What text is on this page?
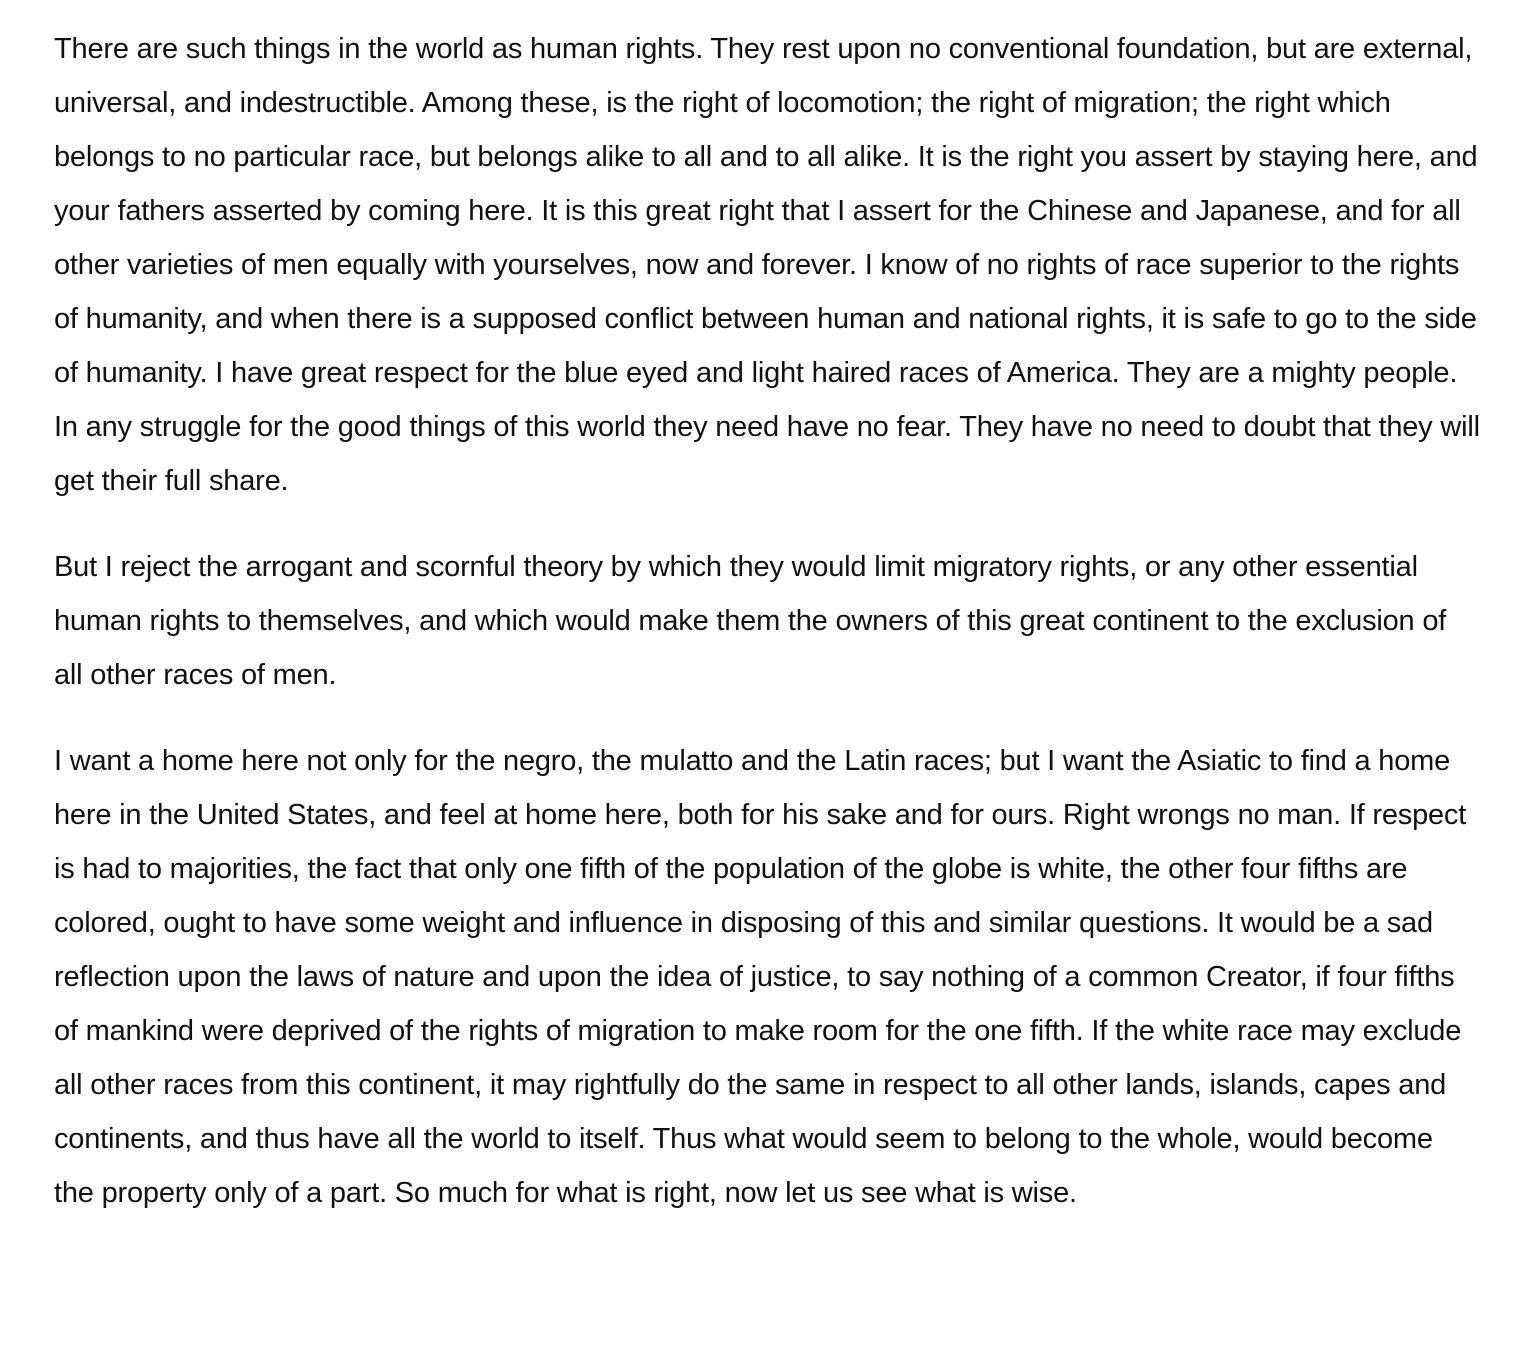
There are such things in the world as human rights. They rest upon no conventional foundation, but are external, universal, and indestructible. Among these, is the right of locomotion; the right of migration; the right which belongs to no particular race, but belongs alike to all and to all alike. It is the right you assert by staying here, and your fathers asserted by coming here. It is this great right that I assert for the Chinese and Japanese, and for all other varieties of men equally with yourselves, now and forever. I know of no rights of race superior to the rights of humanity, and when there is a supposed conflict between human and national rights, it is safe to go to the side of humanity. I have great respect for the blue eyed and light haired races of America. They are a mighty people. In any struggle for the good things of this world they need have no fear. They have no need to doubt that they will get their full share.

But I reject the arrogant and scornful theory by which they would limit migratory rights, or any other essential human rights to themselves, and which would make them the owners of this great continent to the exclusion of all other races of men.

I want a home here not only for the negro, the mulatto and the Latin races; but I want the Asiatic to find a home here in the United States, and feel at home here, both for his sake and for ours. Right wrongs no man. If respect is had to majorities, the fact that only one fifth of the population of the globe is white, the other four fifths are colored, ought to have some weight and influence in disposing of this and similar questions. It would be a sad reflection upon the laws of nature and upon the idea of justice, to say nothing of a common Creator, if four fifths of mankind were deprived of the rights of migration to make room for the one fifth. If the white race may exclude all other races from this continent, it may rightfully do the same in respect to all other lands, islands, capes and continents, and thus have all the world to itself. Thus what would seem to belong to the whole, would become the property only of a part. So much for what is right, now let us see what is wise.
